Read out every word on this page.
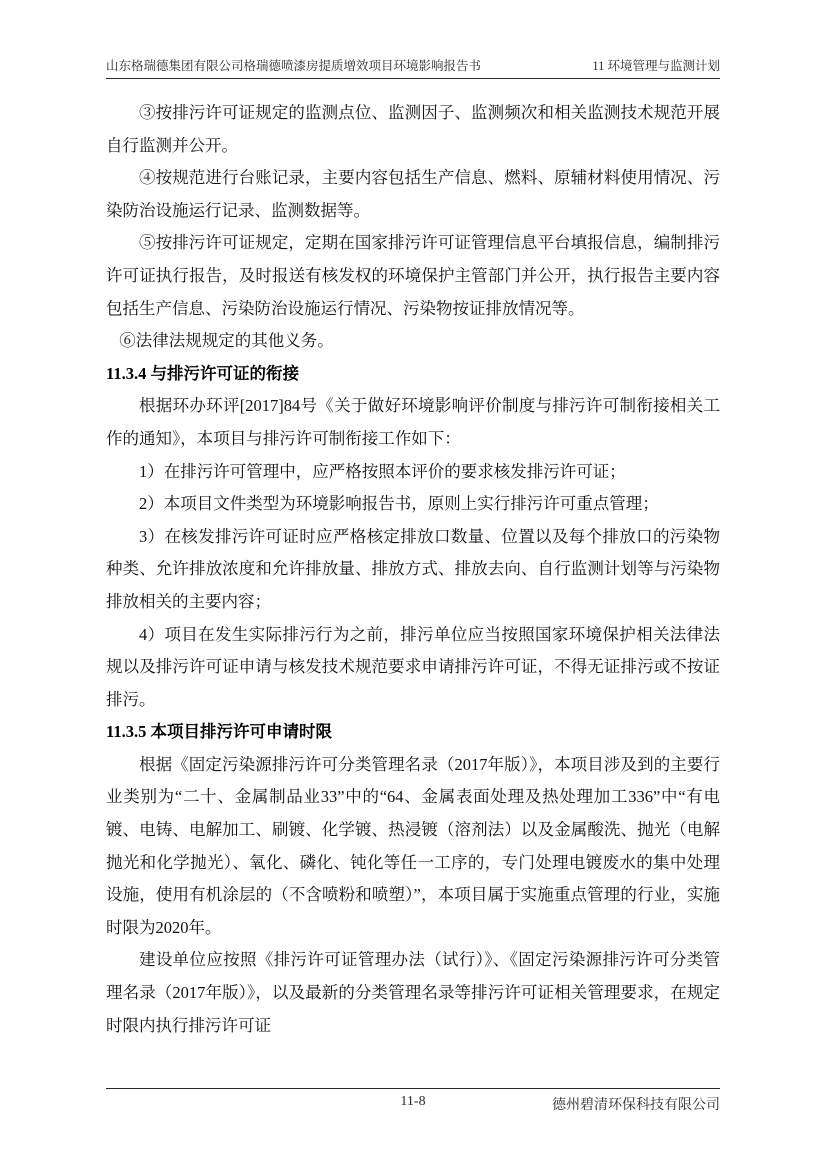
山东格瑞德集团有限公司格瑞德喷漆房提质增效项目环境影响报告书	11 环境管理与监测计划

③按排污许可证规定的监测点位、监测因子、监测频次和相关监测技术规范开展自行监测并公开。

④按规范进行台账记录，主要内容包括生产信息、燃料、原辅材料使用情况、污染防治设施运行记录、监测数据等。

⑤按排污许可证规定，定期在国家排污许可证管理信息平台填报信息，编制排污许可证执行报告，及时报送有核发权的环境保护主管部门并公开，执行报告主要内容包括生产信息、污染防治设施运行情况、污染物按证排放情况等。

⑥法律法规规定的其他义务。

11.3.4 与排污许可证的衔接

根据环办环评[2017]84号《关于做好环境影响评价制度与排污许可制衔接相关工作的通知》，本项目与排污许可制衔接工作如下：

1）在排污许可管理中，应严格按照本评价的要求核发排污许可证；

2）本项目文件类型为环境影响报告书，原则上实行排污许可重点管理；

3）在核发排污许可证时应严格核定排放口数量、位置以及每个排放口的污染物种类、允许排放浓度和允许排放量、排放方式、排放去向、自行监测计划等与污染物排放相关的主要内容；

4）项目在发生实际排污行为之前，排污单位应当按照国家环境保护相关法律法规以及排污许可证申请与核发技术规范要求申请排污许可证，不得无证排污或不按证排污。

11.3.5 本项目排污许可申请时限

根据《固定污染源排污许可分类管理名录（2017年版）》，本项目涉及到的主要行业类别为“二十、金属制品业33”中的“64、金属表面处理及热处理加工336”中“有电镀、电铸、电解加工、刷镀、化学镀、热浸镀（溶剂法）以及金属酸洗、抛光（电解抛光和化学抛光）、氧化、磷化、钝化等任一工序的，专门处理电镀废水的集中处理设施，使用有机涂层的（不含喷粉和喷塑）”，本项目属于实施重点管理的行业，实施时限为2020年。

建设单位应按照《排污许可证管理办法（试行）》、《固定污染源排污许可分类管理名录（2017年版）》，以及最新的分类管理名录等排污许可证相关管理要求，在规定时限内执行排污许可证

11-8	德州碧清环保科技有限公司
